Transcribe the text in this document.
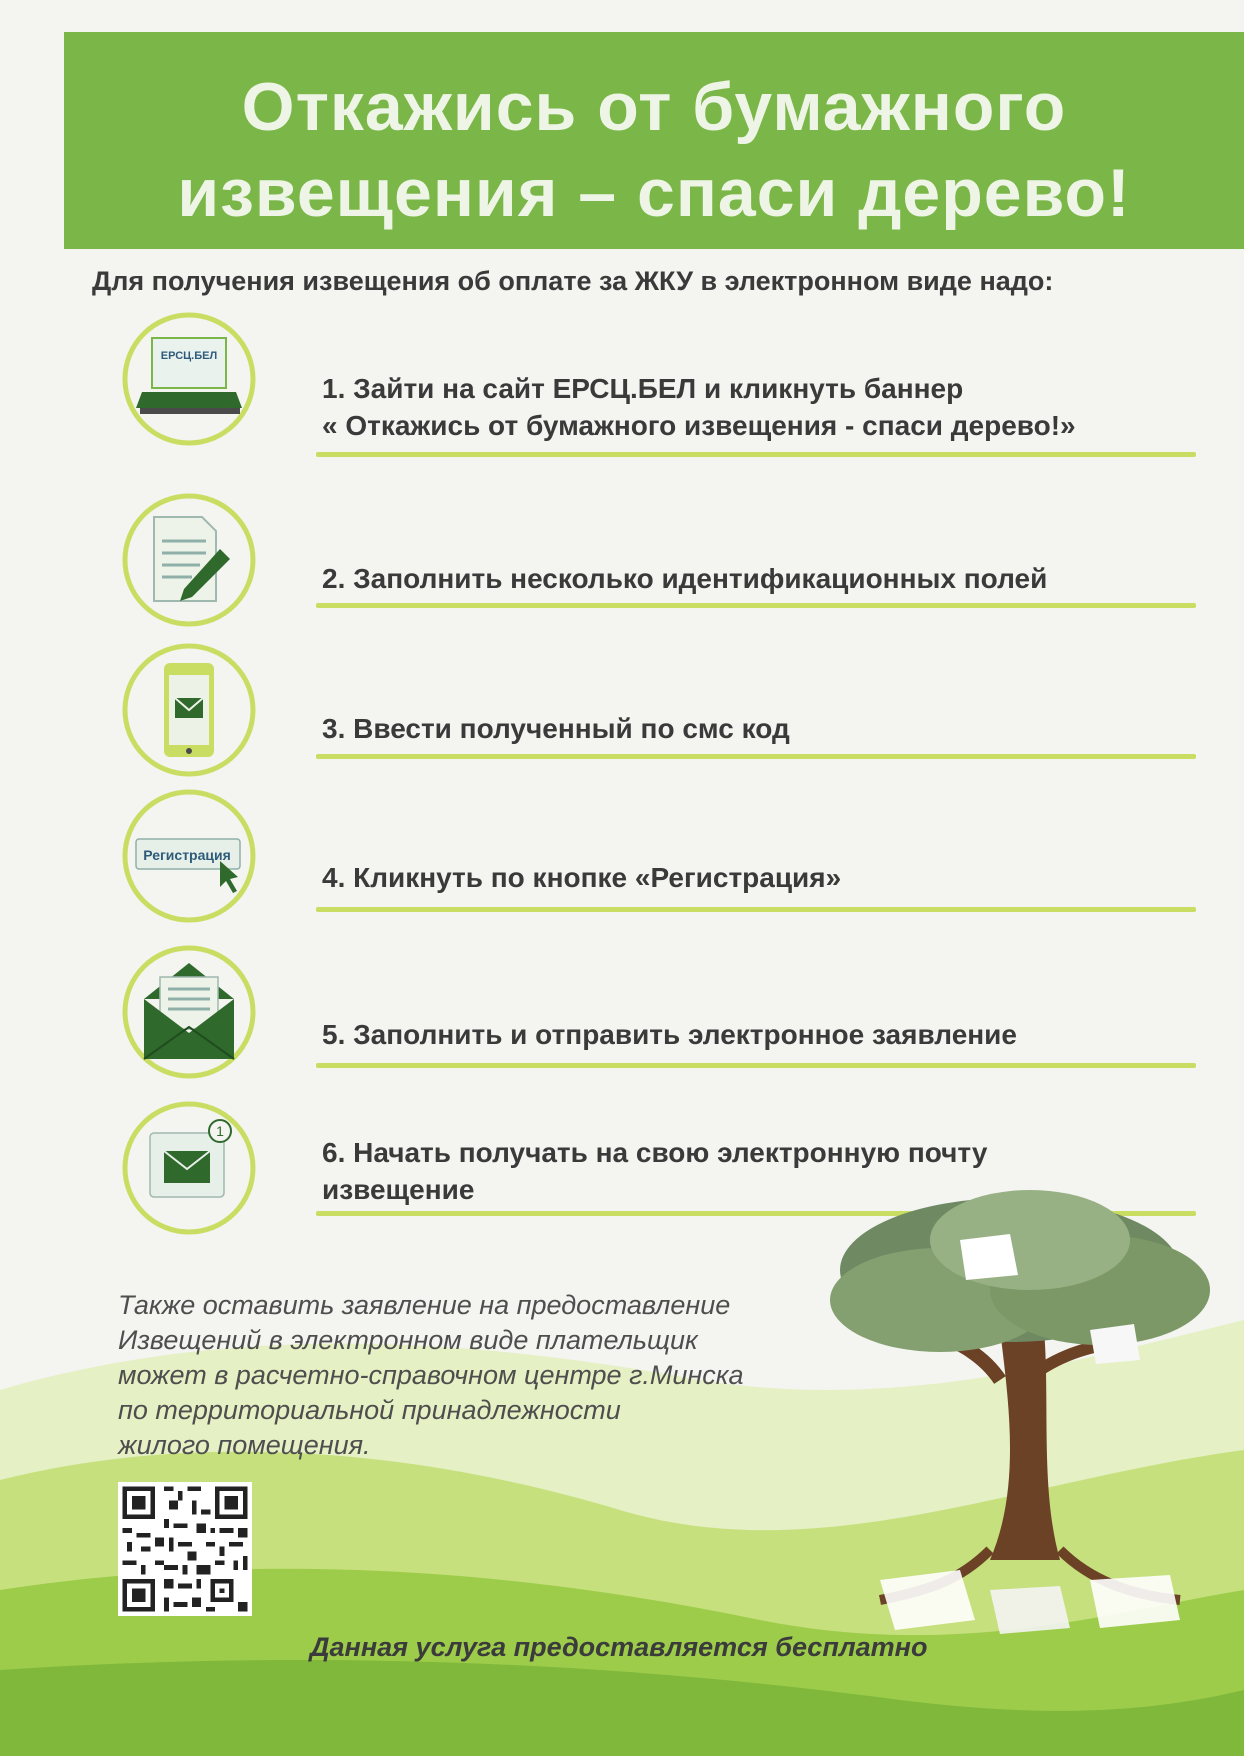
Откажись от бумажного
извещения – спаси дерево!

Для получения извещения об оплате за ЖКУ в электронном виде надо:

ЕРСЦ.БЕЛ
1. Зайти на сайт ЕРСЦ.БЕЛ и кликнуть баннер
« Откажись от бумажного извещения - спаси дерево!»
2. Заполнить несколько идентификационных полей
3. Ввести полученный по смс код
Регистрация
4. Кликнуть по кнопке «Регистрация»
5. Заполнить и отправить электронное заявление
1
6. Начать получать на свою электронную почту
извещение
Также оставить заявление на предоставление
Извещений в электронном виде плательщик
может в расчетно-справочном центре г.Минска
по территориальной принадлежности
жилого помещения.
Данная услуга предоставляется бесплатно
